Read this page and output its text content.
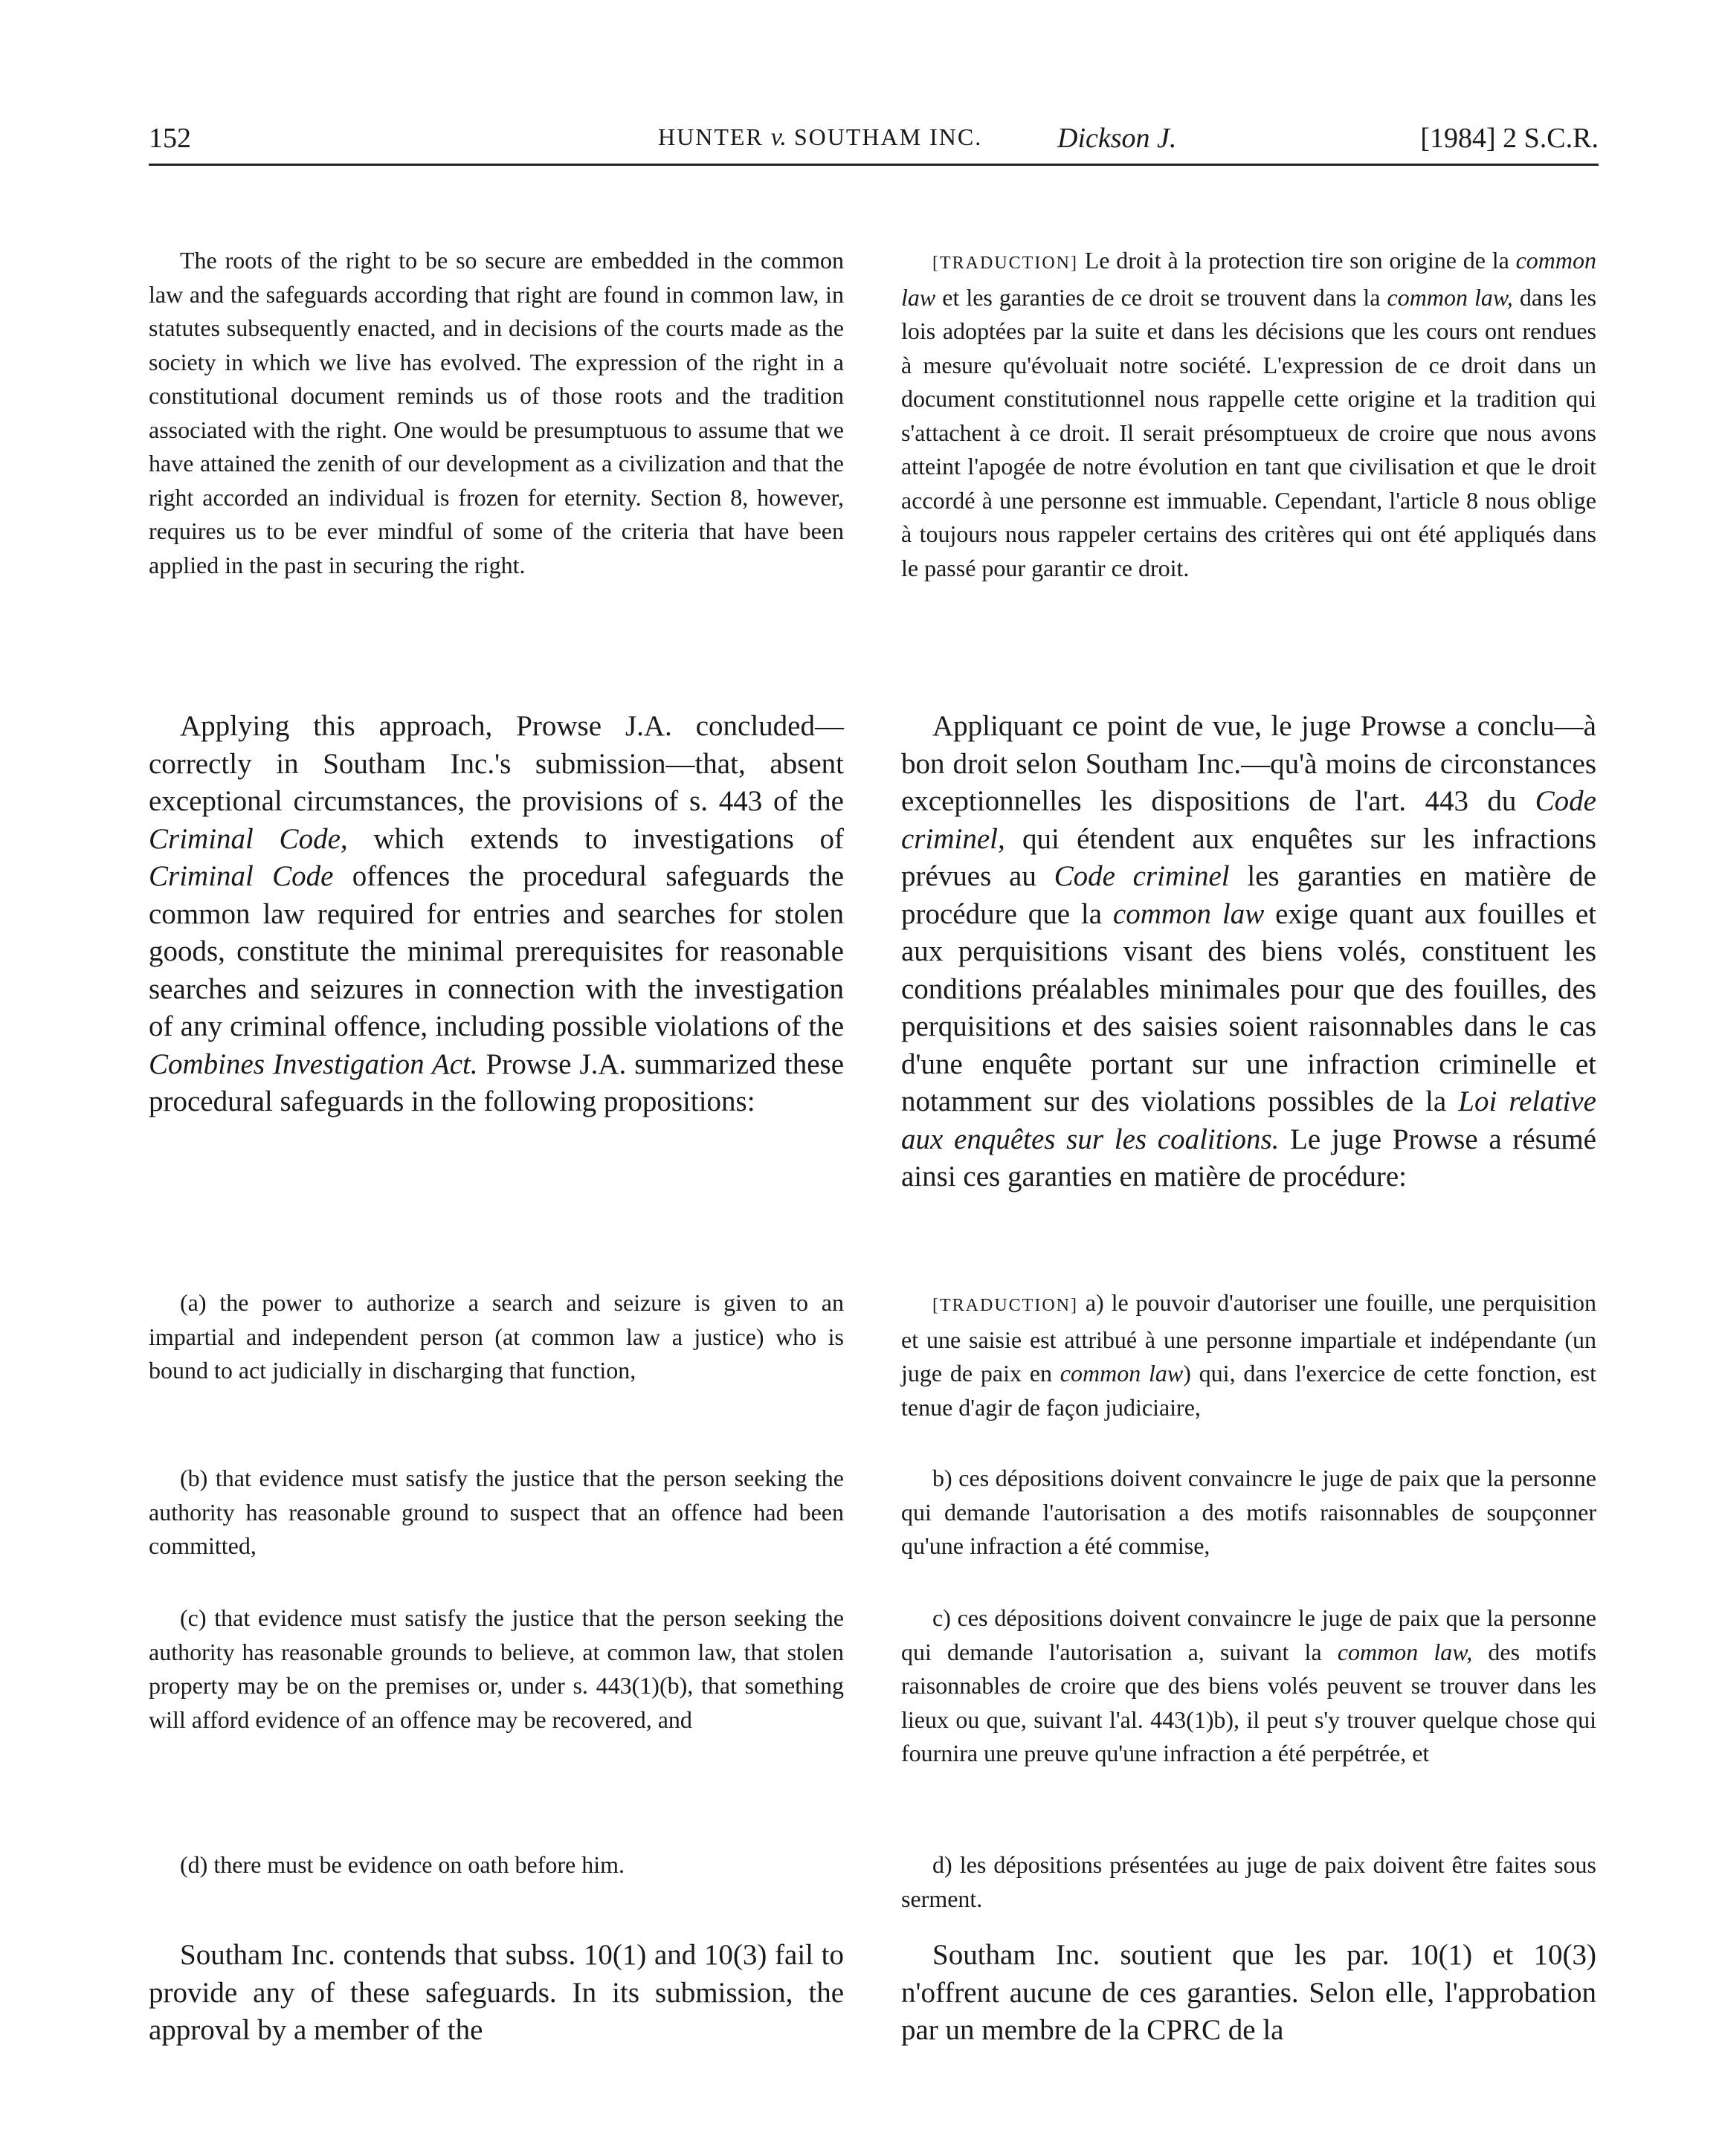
152	HUNTER v. SOUTHAM INC.	Dickson J.	[1984] 2 S.C.R.

The roots of the right to be so secure are embedded in the common law and the safeguards according that right are found in common law, in statutes subsequently enacted, and in decisions of the courts made as the society in which we live has evolved. The expression of the right in a constitutional document reminds us of those roots and the tradition associated with the right. One would be presumptuous to assume that we have attained the zenith of our development as a civilization and that the right accorded an individual is frozen for eternity. Section 8, however, requires us to be ever mindful of some of the criteria that have been applied in the past in securing the right.

Applying this approach, Prowse J.A. concluded—correctly in Southam Inc.'s submission—that, absent exceptional circumstances, the provisions of s. 443 of the Criminal Code, which extends to investigations of Criminal Code offences the procedural safeguards the common law required for entries and searches for stolen goods, constitute the minimal prerequisites for reasonable searches and seizures in connection with the investigation of any criminal offence, including possible violations of the Combines Investigation Act. Prowse J.A. summarized these procedural safeguards in the following propositions:

(a) the power to authorize a search and seizure is given to an impartial and independent person (at common law a justice) who is bound to act judicially in discharging that function,

(b) that evidence must satisfy the justice that the person seeking the authority has reasonable ground to suspect that an offence had been committed,

(c) that evidence must satisfy the justice that the person seeking the authority has reasonable grounds to believe, at common law, that stolen property may be on the premises or, under s. 443(1)(b), that something will afford evidence of an offence may be recovered, and

(d) there must be evidence on oath before him.

Southam Inc. contends that subss. 10(1) and 10(3) fail to provide any of these safeguards. In its submission, the approval by a member of the

[TRADUCTION] Le droit à la protection tire son origine de la common law et les garanties de ce droit se trouvent dans la common law, dans les lois adoptées par la suite et dans les décisions que les cours ont rendues à mesure qu'évoluait notre société. L'expression de ce droit dans un document constitutionnel nous rappelle cette origine et la tradition qui s'attachent à ce droit. Il serait présomptueux de croire que nous avons atteint l'apogée de notre évolution en tant que civilisation et que le droit accordé à une personne est immuable. Cependant, l'article 8 nous oblige à toujours nous rappeler certains des critères qui ont été appliqués dans le passé pour garantir ce droit.

Appliquant ce point de vue, le juge Prowse a conclu—à bon droit selon Southam Inc.—qu'à moins de circonstances exceptionnelles les dispositions de l'art. 443 du Code criminel, qui étendent aux enquêtes sur les infractions prévues au Code criminel les garanties en matière de procédure que la common law exige quant aux fouilles et aux perquisitions visant des biens volés, constituent les conditions préalables minimales pour que des fouilles, des perquisitions et des saisies soient raisonnables dans le cas d'une enquête portant sur une infraction criminelle et notamment sur des violations possibles de la Loi relative aux enquêtes sur les coalitions. Le juge Prowse a résumé ainsi ces garanties en matière de procédure:

[TRADUCTION] a) le pouvoir d'autoriser une fouille, une perquisition et une saisie est attribué à une personne impartiale et indépendante (un juge de paix en common law) qui, dans l'exercice de cette fonction, est tenue d'agir de façon judiciaire,

b) ces dépositions doivent convaincre le juge de paix que la personne qui demande l'autorisation a des motifs raisonnables de soupçonner qu'une infraction a été commise,

c) ces dépositions doivent convaincre le juge de paix que la personne qui demande l'autorisation a, suivant la common law, des motifs raisonnables de croire que des biens volés peuvent se trouver dans les lieux ou que, suivant l'al. 443(1)b), il peut s'y trouver quelque chose qui fournira une preuve qu'une infraction a été perpétrée, et

d) les dépositions présentées au juge de paix doivent être faites sous serment.

Southam Inc. soutient que les par. 10(1) et 10(3) n'offrent aucune de ces garanties. Selon elle, l'approbation par un membre de la CPRC de la
